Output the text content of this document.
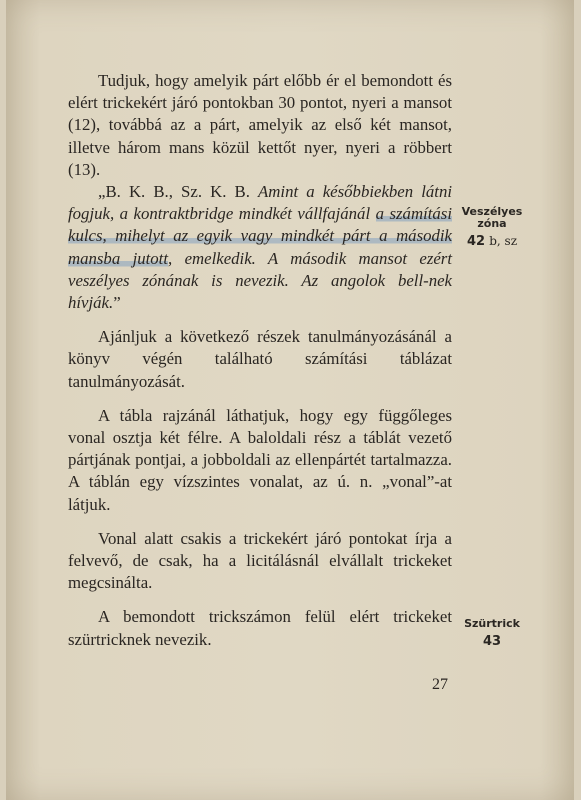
Tudjuk, hogy amelyik párt előbb ér el bemondott és elért trickekért járó pontokban 30 pontot, nyeri a mansot (12), továbbá az a párt, amelyik az első két mansot, illetve három mans közül kettőt nyer, nyeri a röbbert (13).

„B. K. B., Sz. K. B. Amint a későbbiekben látni fogjuk, a kontraktbridge mindkét vállfajánál a számítási kulcs, mihelyt az egyik vagy mindkét párt a második mansba jutott, emelkedik. A második mansot ezért veszélyes zónának is nevezik. Az angolok bell-nek hívják.”

Ajánljuk a következő részek tanulmányozásánál a könyv végén található számítási táblázat tanulmányozását.

A tábla rajzánál láthatjuk, hogy egy függőleges vonal osztja két félre. A baloldali rész a táblát vezető pártjának pontjai, a jobboldali az ellenpártét tartalmazza. A táblán egy vízszintes vonalat, az ú. n. „vonal”-at látjuk.

Vonal alatt csakis a trickekért járó pontokat írja a felvevő, de csak, ha a licitálásnál elvállalt trickeket megcsinálta.

A bemondott trickszámon felül elért trickeket szürtricknek nevezik.

Veszélyes zóna
42 b, sz
Szürtrick
43
27
